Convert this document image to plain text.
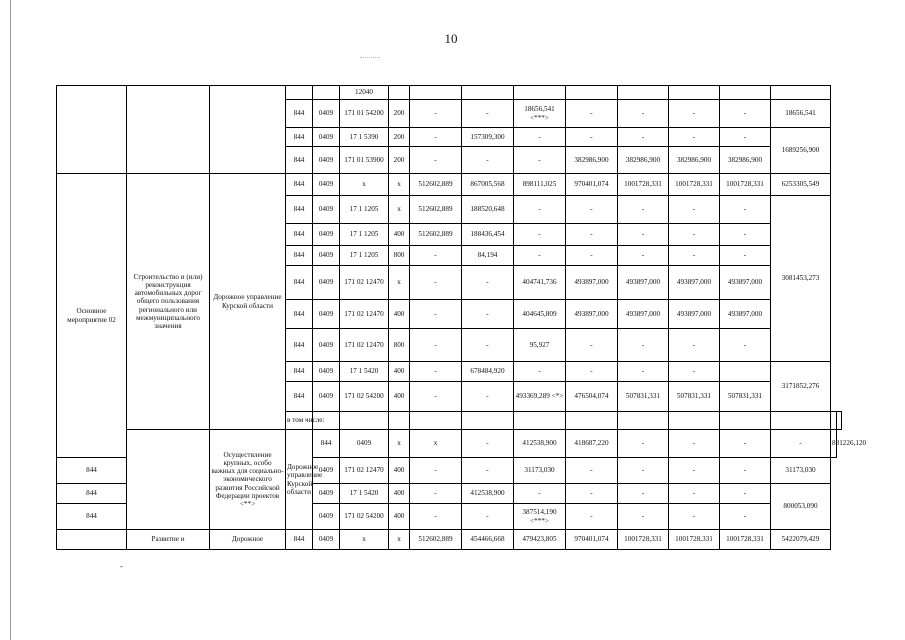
10
					12040											
			844	0409	171 01 54200	200	-	-	18656,541 <***>	-	-	-	-	18656,541		
			844	0409	17 1 5390	200	-	157309,300	-	-	-	-	-	1689256,900		
			844	0409	171 01 53900	200	-	-	-	382986,900	382986,900	382986,900	382986,900			
Основное мероприятие 02	Строительство и (или) реконструкция автомобильных дорог общего пользования регионального или межмуниципального значения	Дорожное управление Курской области	844	0409	x	x	512602,889	867005,568	898111,025	970401,074	1001728,331	1001728,331	1001728,331	6253305,549		
			844	0409	17 1 1205	x	512602,889	188520,648	-	-	-	-	-	3081453,273		
			844	0409	17 1 1205	400	512602,889	188436,454	-	-	-	-	-			
			844	0409	17 1 1205	800	-	84,194	-	-	-	-	-			
			844	0409	171 02 12470	x	-	-	404741,736	493897,000	493897,000	493897,000	493897,000			
			844	0409	171 02 12470	400	-	-	404645,809	493897,000	493897,000	493897,000	493897,000			
			844	0409	171 02 12470	800	-	-	95,927	-	-	-	-			
			844	0409	17 1 5420	400	-	678484,920	-	-	-	-		3171852,276		
			844	0409	171 02 54200	400	-	-	493369,289 <*>	476504,074	507831,331	507831,331	507831,331			
			в том числе:													
		Осуществление крупных, особо важных для социально-экономического развития Российской Федерации проектов <**>	Дорожное управление Курской области	844	0409	x	x	-	412538,900	418687,220	-	-	-	-	831226,120	
844				0409	171 02 12470	400	-	-	31173,030	-	-	-	-	31173,030		
844				0409	17 1 5420	400	-	412538,900	-	-	-	-	-	800053,090		
844				0409	171 02 54200	400	-	-	387514,190 <***>	-	-	-	-			
	Развитие и	Дорожное	844	0409	x	x	512602,889	454466,668	479423,805	970401,074	1001728,331	1001728,331	1001728,331	5422079,429		
-
